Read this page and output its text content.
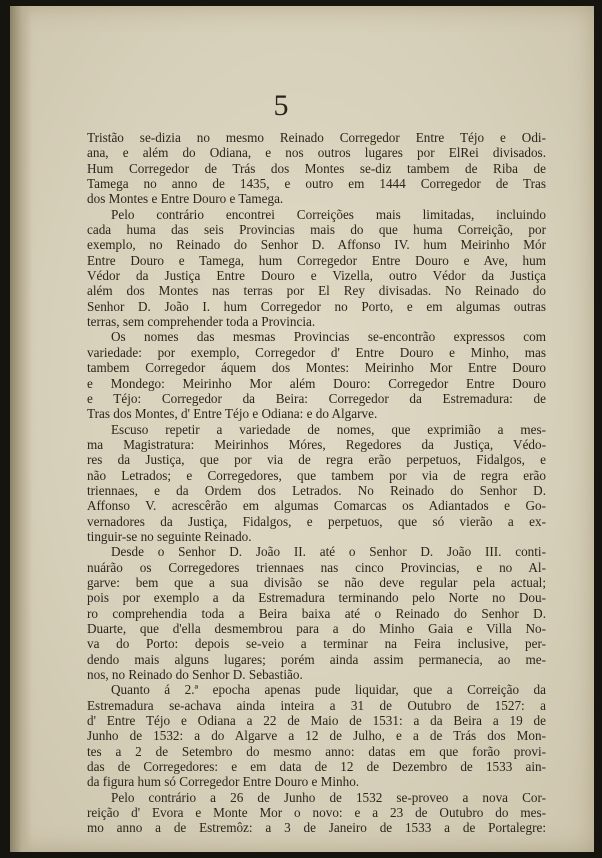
5
Tristão se-dizia no mesmo Reinado Corregedor Entre Téjo e Odi-
ana, e além do Odiana, e nos outros lugares por ElRei divisados.
Hum Corregedor de Trás dos Montes se-diz tambem de Riba de
Tamega no anno de 1435, e outro em 1444 Corregedor de Tras
dos Montes e Entre Douro e Tamega.
Pelo contrário encontrei Correições mais limitadas, incluindo
cada huma das seis Provincias mais do que huma Correição, por
exemplo, no Reinado do Senhor D. Affonso IV. hum Meirinho Mór
Entre Douro e Tamega, hum Corregedor Entre Douro e Ave, hum
Védor da Justiça Entre Douro e Vizella, outro Védor da Justiça
além dos Montes nas terras por El Rey divisadas. No Reinado do
Senhor D. João I. hum Corregedor no Porto, e em algumas outras
terras, sem comprehender toda a Provincia.
Os nomes das mesmas Provincias se-encontrão expressos com
variedade: por exemplo, Corregedor d' Entre Douro e Minho, mas
tambem Corregedor áquem dos Montes: Meirinho Mor Entre Douro
e Mondego: Meirinho Mor além Douro: Corregedor Entre Douro
e Téjo: Corregedor da Beira: Corregedor da Estremadura: de
Tras dos Montes, d' Entre Téjo e Odiana: e do Algarve.
Escuso repetir a variedade de nomes, que exprimião a mes-
ma Magistratura: Meirinhos Móres, Regedores da Justiça, Védo-
res da Justiça, que por via de regra erão perpetuos, Fidalgos, e
não Letrados; e Corregedores, que tambem por via de regra erão
triennaes, e da Ordem dos Letrados. No Reinado do Senhor D.
Affonso V. acrescêrão em algumas Comarcas os Adiantados e Go-
vernadores da Justiça, Fidalgos, e perpetuos, que só vierão a ex-
tinguir-se no seguinte Reinado.
Desde o Senhor D. João II. até o Senhor D. João III. conti-
nuárão os Corregedores triennaes nas cinco Provincias, e no Al-
garve: bem que a sua divisão se não deve regular pela actual;
pois por exemplo a da Estremadura terminando pelo Norte no Dou-
ro comprehendia toda a Beira baixa até o Reinado do Senhor D.
Duarte, que d'ella desmembrou para a do Minho Gaia e Villa No-
va do Porto: depois se-veio a terminar na Feira inclusive, per-
dendo mais alguns lugares; porém ainda assim permanecia, ao me-
nos, no Reinado do Senhor D. Sebastião.
Quanto á 2.ª epocha apenas pude liquidar, que a Correição da
Estremadura se-achava ainda inteira a 31 de Outubro de 1527: a
d' Entre Téjo e Odiana a 22 de Maio de 1531: a da Beira a 19 de
Junho de 1532: a do Algarve a 12 de Julho, e a de Trás dos Mon-
tes a 2 de Setembro do mesmo anno: datas em que forão provi-
das de Corregedores: e em data de 12 de Dezembro de 1533 ain-
da figura hum só Corregedor Entre Douro e Minho.
Pelo contrário a 26 de Junho de 1532 se-proveo a nova Cor-
reição d' Evora e Monte Mor o novo: e a 23 de Outubro do mes-
mo anno a de Estremôz: a 3 de Janeiro de 1533 a de Portalegre:
